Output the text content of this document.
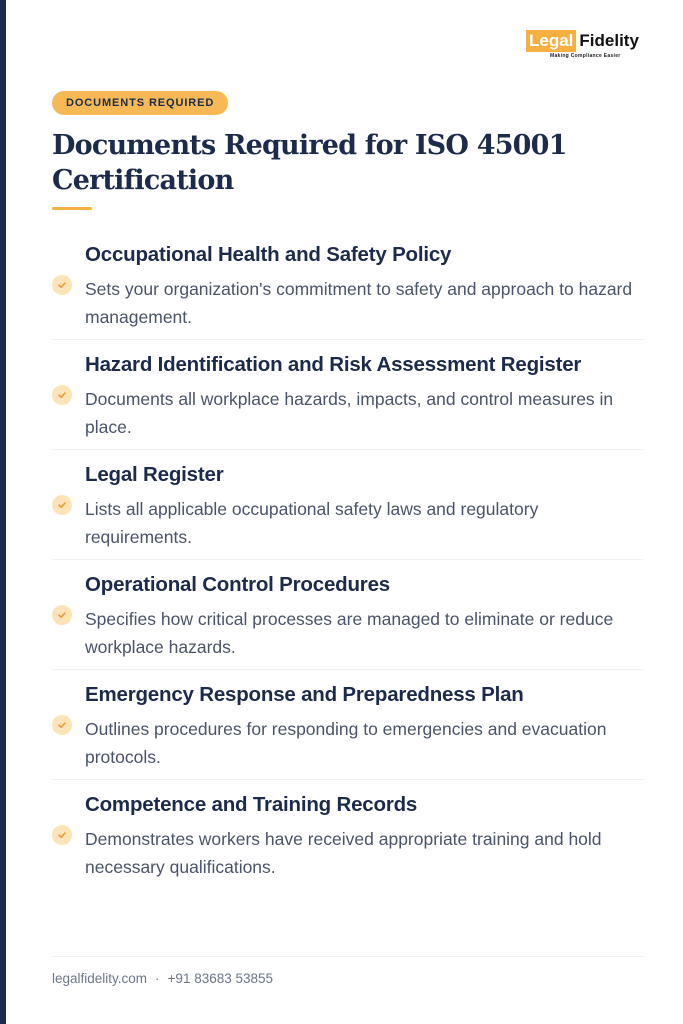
Legal Fidelity
Making Compliance Easier
DOCUMENTS REQUIRED
Documents Required for ISO 45001 Certification
Occupational Health and Safety Policy
Sets your organization's commitment to safety and approach to hazard management.
Hazard Identification and Risk Assessment Register
Documents all workplace hazards, impacts, and control measures in place.
Legal Register
Lists all applicable occupational safety laws and regulatory requirements.
Operational Control Procedures
Specifies how critical processes are managed to eliminate or reduce workplace hazards.
Emergency Response and Preparedness Plan
Outlines procedures for responding to emergencies and evacuation protocols.
Competence and Training Records
Demonstrates workers have received appropriate training and hold necessary qualifications.
legalfidelity.com · +91 83683 53855
